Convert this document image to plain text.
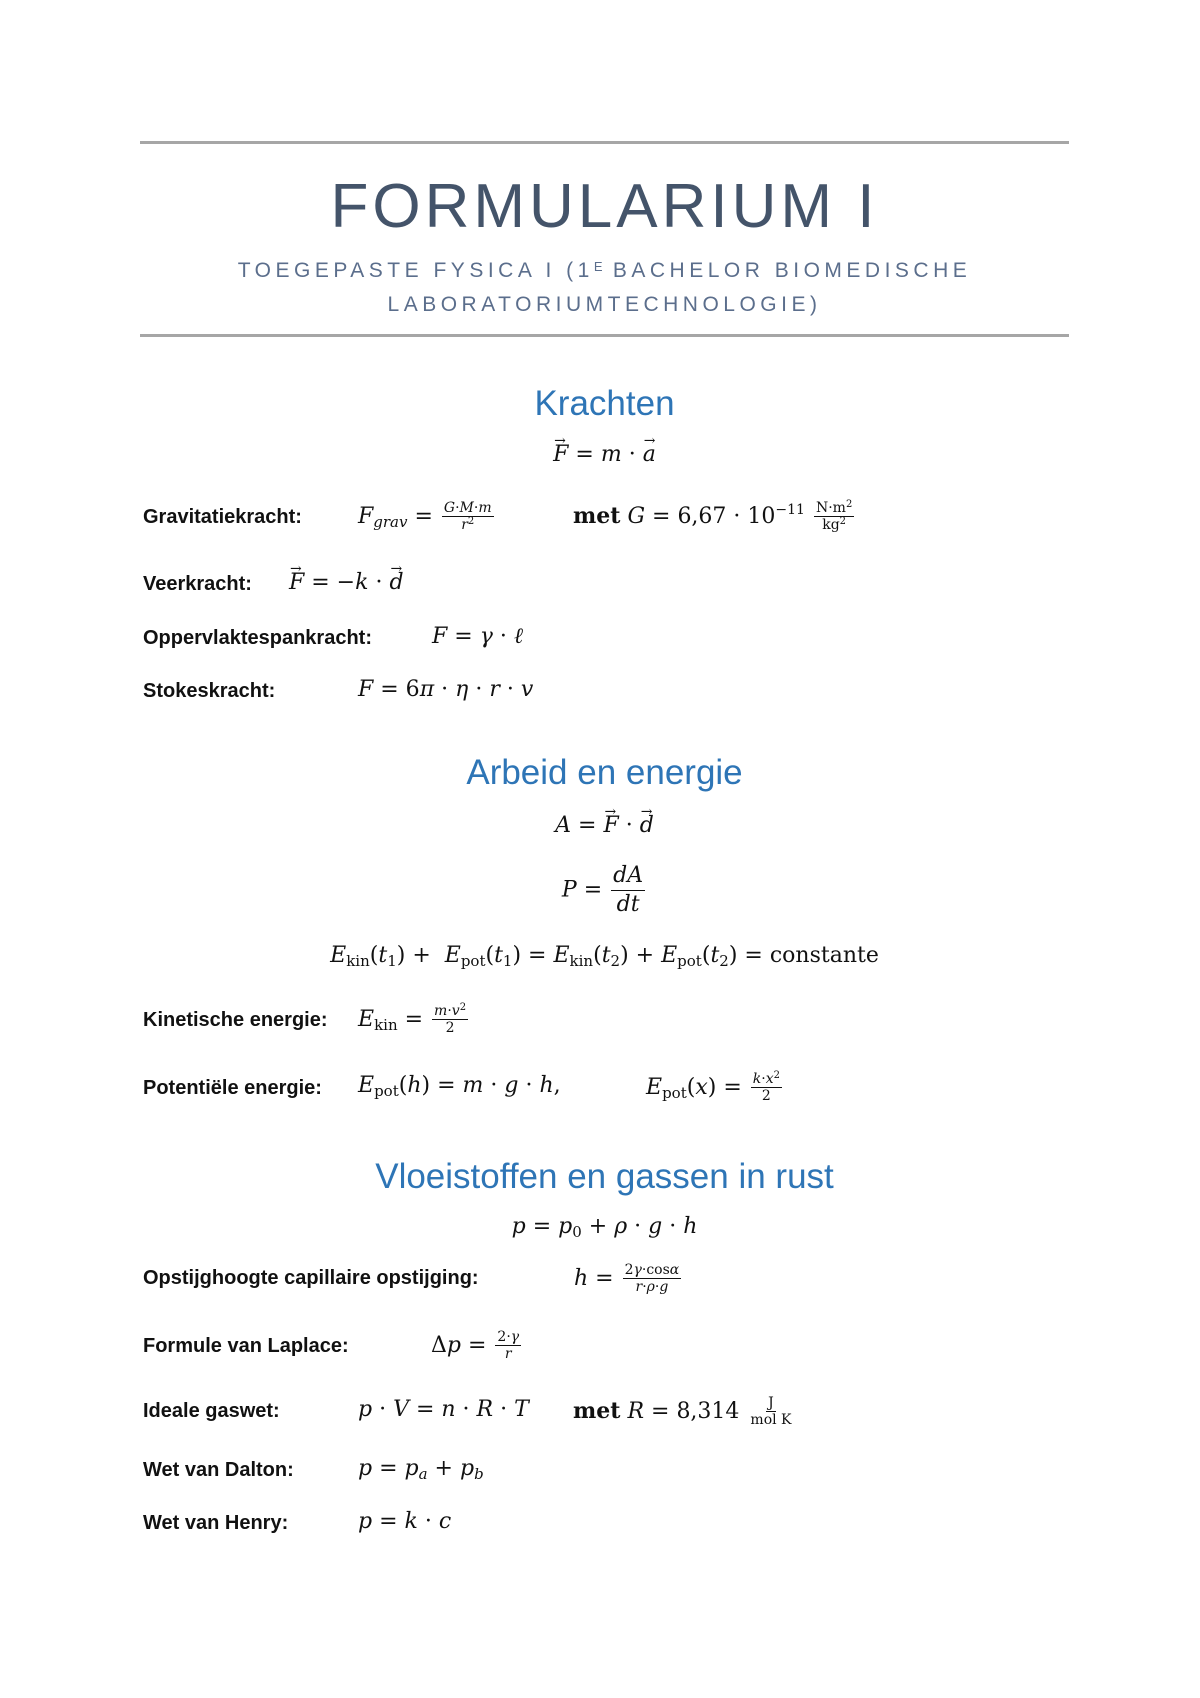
FORMULARIUM I
TOEGEPASTE FYSICA I ($1^E$ BACHELOR BIOMEDISCHE
LABORATORIUMTECHNOLOGIE)
Krachten
→ F = m · → a
Gravitatiekracht:	$F_{grav} = \frac{G\cdot M\cdot m}{r^2}$	met $G = 6,67 \cdot 10^{-11} \frac{N\cdot m^2}{kg^2}$
Veerkracht:
→ F = −k · → d
Oppervlaktespankracht:	F = γ · ℓ
Stokeskracht:	F = 6π · η · r · v
Arbeid en energie
A = → F · → d
$P = \frac{dA}{dt}$
$E_{kin}(t_1) + E_{pot}(t_1) = E_{kin}(t_2) + E_{pot}(t_2)$ = constante
Kinetische energie: $E_{kin} = \frac{m\cdot v^2}{2}$
Potentiële energie: $E_{pot}(h) = m \cdot g \cdot h$,	$E_{pot}(x) = \frac{k\cdot x^2}{2}$
Vloeistoffen en gassen in rust
$p = p_0 + \rho \cdot g \cdot h$
Opstijghoogte capillaire opstijging:	$h = \frac{2\gamma\cdot\cos\alpha}{r\cdot\rho\cdot g}$
Formule van Laplace:	$\Delta p = \frac{2\cdot\gamma}{r}$
Ideale gaswet:	p · V = n · R · T met $R = 8,314 \frac{J}{\text{mol K}}$
Wet van Dalton:	$p = p_a + p_b$
Wet van Henry:	p = k · c
